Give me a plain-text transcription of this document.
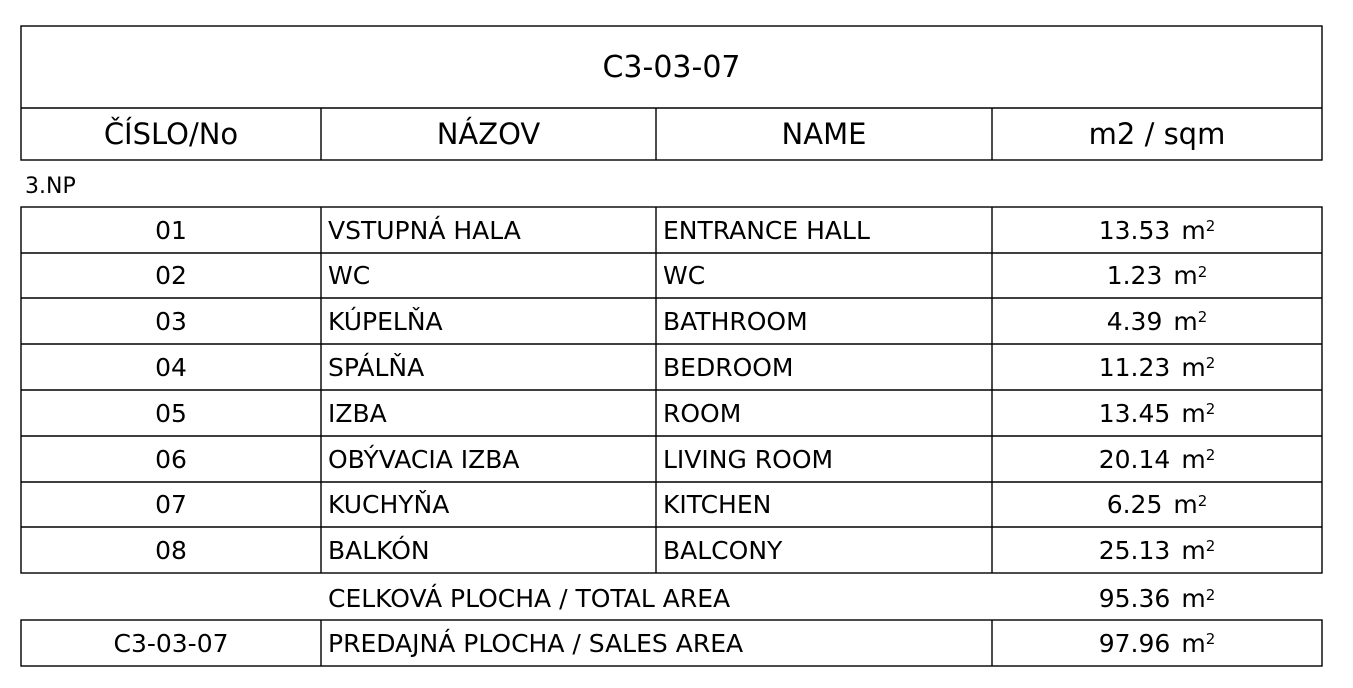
C3-03-07
ČÍSLO/No	NÁZOV	NAME	m2 / sqm
3.NP
01	VSTUPNÁ HALA	ENTRANCE HALL	13.53 $m^2$
02	WC	WC	1.23 $m^2$
03	KÚPELŇA	BATHROOM	4.39 $m^2$
04	SPÁLŇA	BEDROOM	11.23 $m^2$
05	IZBA	ROOM	13.45 $m^2$
06	OBÝVACIA IZBA	LIVING ROOM	20.14 $m^2$
07	KUCHYŇA	KITCHEN	6.25 $m^2$
08	BALKÓN	BALCONY	25.13 $m^2$
CELKOVÁ PLOCHA / TOTAL AREA	95.36 $m^2$
C3-03-07	PREDAJNÁ PLOCHA / SALES AREA	97.96 $m^2$
